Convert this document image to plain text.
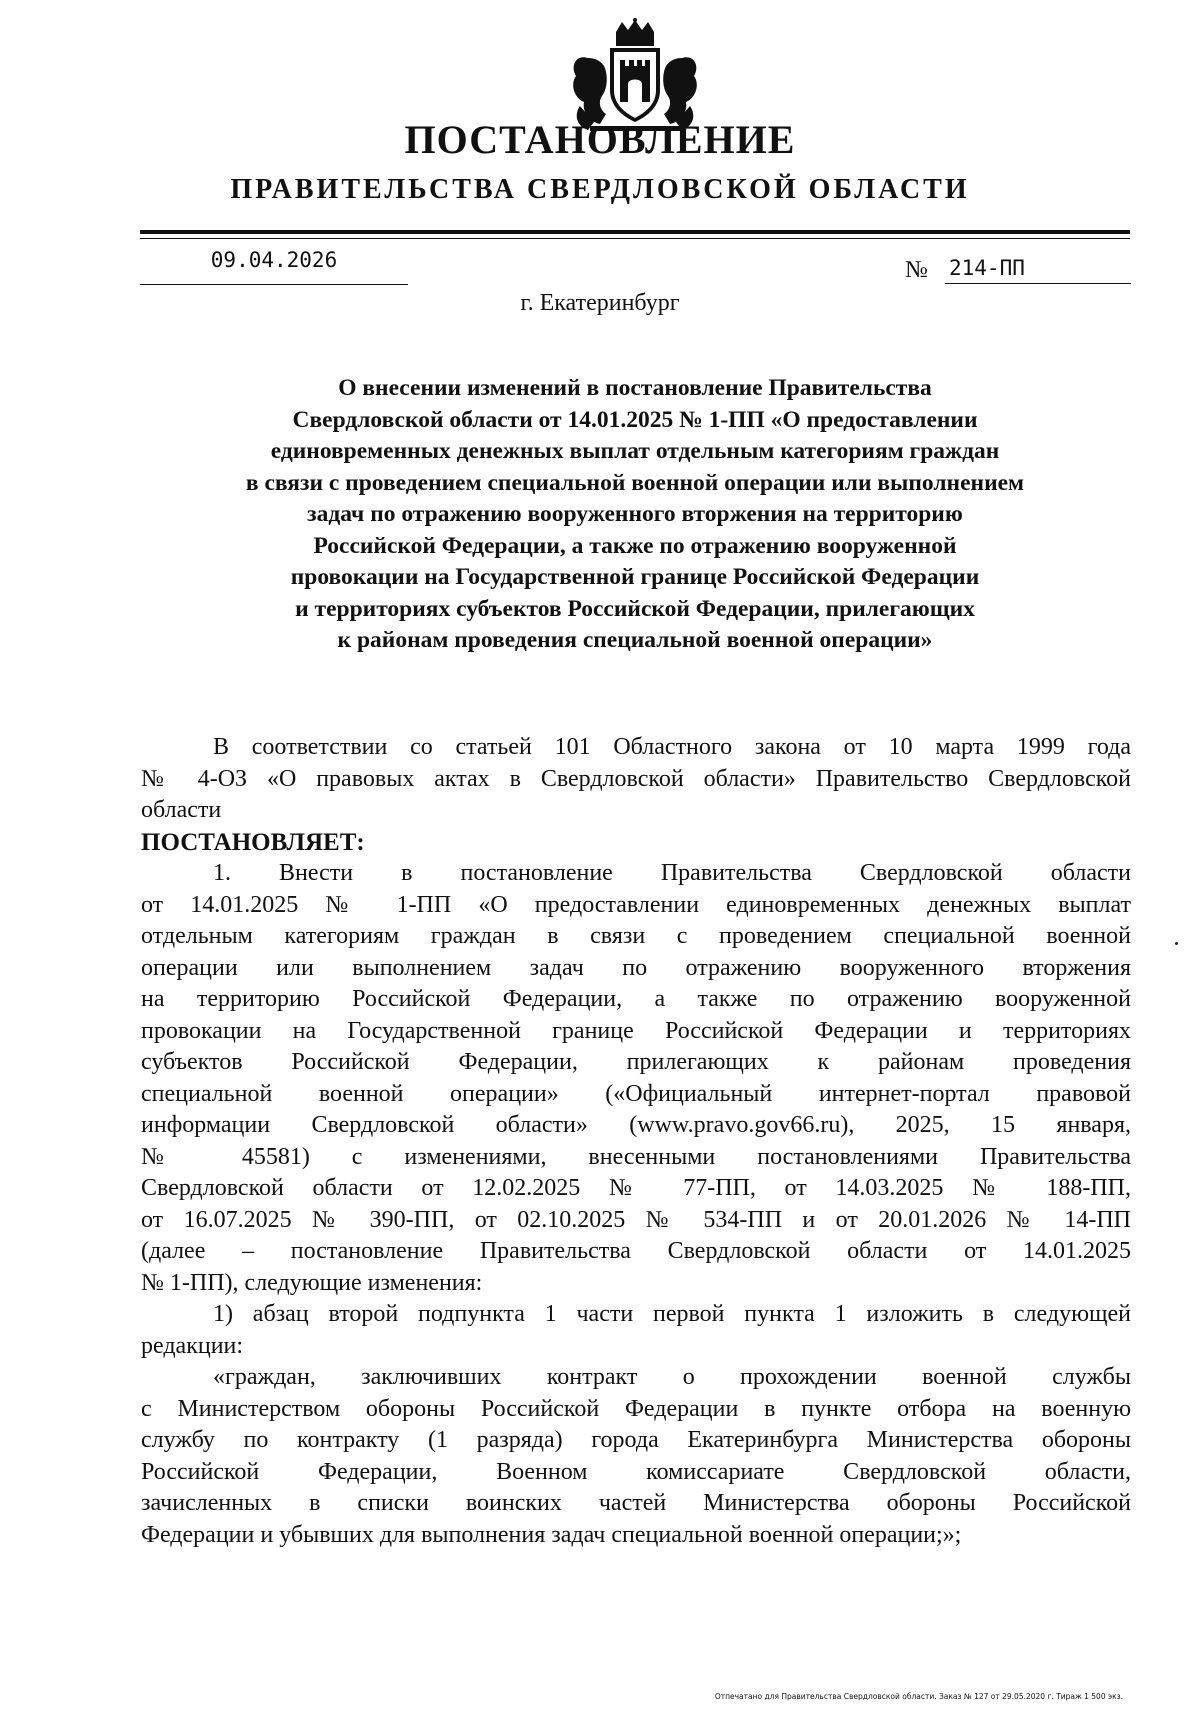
ПОСТАНОВЛЕНИЕ
ПРАВИТЕЛЬСТВА СВЕРДЛОВСКОЙ ОБЛАСТИ
09.04.2026	№ 214-ПП
г. Екатеринбург
О внесении изменений в постановление Правительства
Свердловской области от 14.01.2025 № 1-ПП «О предоставлении
единовременных денежных выплат отдельным категориям граждан
в связи с проведением специальной военной операции или выполнением
задач по отражению вооруженного вторжения на территорию
Российской Федерации, а также по отражению вооруженной
провокации на Государственной границе Российской Федерации
и территориях субъектов Российской Федерации, прилегающих
к районам проведения специальной военной операции»
В соответствии со статьей 101 Областного закона от 10 марта 1999 года
№ 4-ОЗ «О правовых актах в Свердловской области» Правительство Свердловской
области
ПОСТАНОВЛЯЕТ:
1. Внести в постановление Правительства Свердловской области
от 14.01.2025 № 1-ПП «О предоставлении единовременных денежных выплат
отдельным категориям граждан в связи с проведением специальной военной
операции или выполнением задач по отражению вооруженного вторжения
на территорию Российской Федерации, а также по отражению вооруженной
провокации на Государственной границе Российской Федерации и территориях
субъектов Российской Федерации, прилегающих к районам проведения
специальной военной операции» («Официальный интернет-портал правовой
информации Свердловской области» (www.pravo.gov66.ru), 2025, 15 января,
№ 45581) с изменениями, внесенными постановлениями Правительства
Свердловской области от 12.02.2025 № 77-ПП, от 14.03.2025 № 188-ПП,
от 16.07.2025 № 390-ПП, от 02.10.2025 № 534-ПП и от 20.01.2026 № 14-ПП
(далее – постановление Правительства Свердловской области от 14.01.2025
№ 1-ПП), следующие изменения:
1) абзац второй подпункта 1 части первой пункта 1 изложить в следующей
редакции:
«граждан, заключивших контракт о прохождении военной службы
с Министерством обороны Российской Федерации в пункте отбора на военную
службу по контракту (1 разряда) города Екатеринбурга Министерства обороны
Российской Федерации, Военном комиссариате Свердловской области,
зачисленных в списки воинских частей Министерства обороны Российской
Федерации и убывших для выполнения задач специальной военной операции;»;
Отпечатано для Правительства Свердловской области. Заказ № 127 от 29.05.2020 г. Тираж 1 500 экз.
